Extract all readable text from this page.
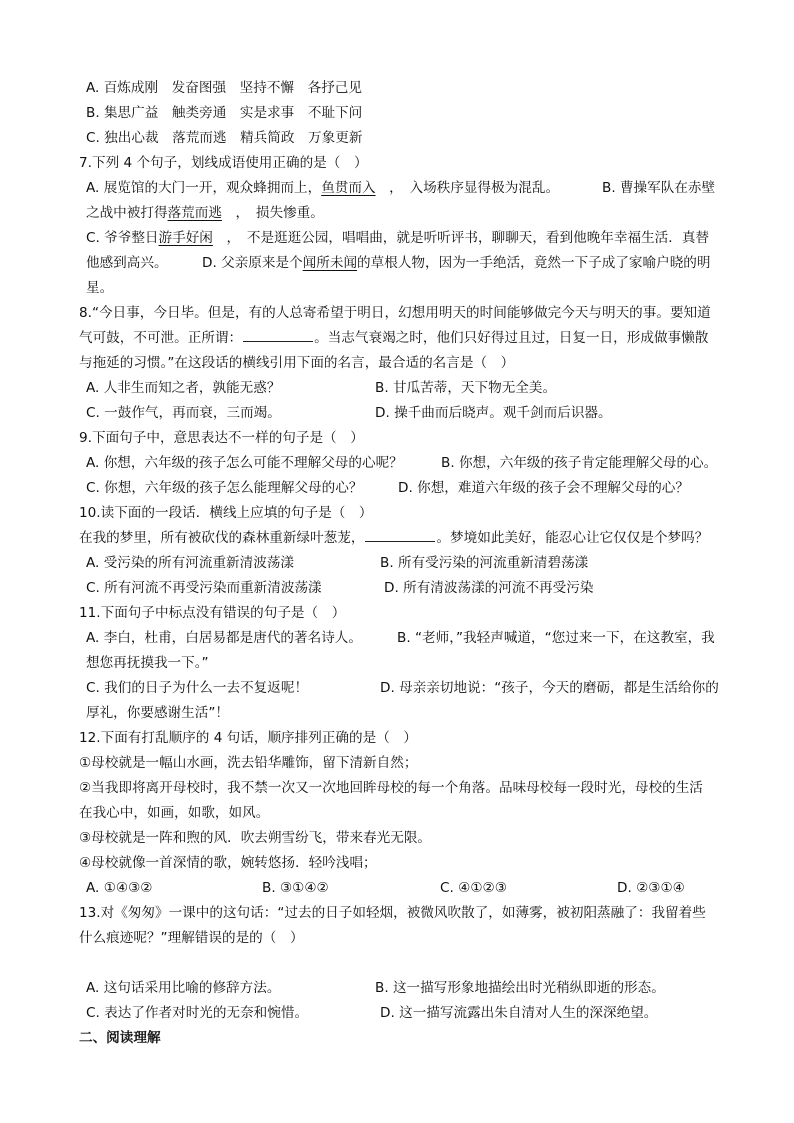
A. 百炼成刚　发奋图强　坚持不懈　各抒己见
B. 集思广益　触类旁通　实是求事　不耻下问
C. 独出心裁　落荒而逃　精兵简政　万象更新
7.下列 4 个句子，划线成语使用正确的是（　）
A. 展览馆的大门一开，观众蜂拥而上，鱼贯而入　，　入场秩序显得极为混乱。	B. 曹操军队在赤壁
之战中被打得落荒而逃　，　损失惨重。
C. 爷爷整日游手好闲　，　不是逛逛公园，唱唱曲，就是听听评书，聊聊天，看到他晚年幸福生活．真替
他感到高兴。	D. 父亲原来是个闻所未闻的草根人物，因为一手绝活，竟然一下子成了家喻户晓的明
星。
8.“今日事，今日毕。但是，有的人总寄希望于明日，幻想用明天的时间能够做完今天与明天的事。要知道
气可鼓，不可泄。正所谓：	。当志气衰竭之时，他们只好得过且过，日复一日，形成做事懒散
与拖延的习惯。”在这段话的横线引用下面的名言，最合适的名言是（　）
A. 人非生而知之者，孰能无惑？	B. 甘瓜苦蒂，天下物无全美。
C. 一鼓作气，再而衰，三而竭。	D. 操千曲而后晓声。观千剑而后识器。
9.下面句子中，意思表达不一样的句子是（　）
A. 你想，六年级的孩子怎么可能不理解父母的心呢？	B. 你想，六年级的孩子肯定能理解父母的心。
C. 你想，六年级的孩子怎么能理解父母的心？	D. 你想，难道六年级的孩子会不理解父母的心？
10.读下面的一段话．横线上应填的句子是（　）
在我的梦里，所有被砍伐的森林重新绿叶葱茏，	。梦境如此美好，能忍心让它仅仅是个梦吗？
A. 受污染的所有河流重新清波荡漾	B. 所有受污染的河流重新清碧荡漾
C. 所有河流不再受污染而重新清波荡漾	D. 所有清波荡漾的河流不再受污染
11.下面句子中标点没有错误的句子是（　）
A. 李白，杜甫，白居易都是唐代的著名诗人。	B. “老师，”我轻声喊道，“您过来一下，在这教室，我
想您再抚摸我一下。”
C. 我们的日子为什么一去不复返呢！	D. 母亲亲切地说：“孩子，今天的磨砺，都是生活给你的
厚礼，你要感谢生活”！
12.下面有打乱顺序的 4 句话，顺序排列正确的是（　）
①母校就是一幅山水画，洗去铅华雕饰，留下清新自然；
②当我即将离开母校时，我不禁一次又一次地回眸母校的每一个角落。品味母校每一段时光，母校的生活
在我心中，如画，如歌，如风。
③母校就是一阵和煦的风．吹去朔雪纷飞，带来春光无限。
④母校就像一首深情的歌，婉转悠扬．轻吟浅唱；
A. ①④③②	B. ③①④②	C. ④①②③	D. ②③①④
13.对《匆匆》一课中的这句话：“过去的日子如轻烟，被微风吹散了，如薄雾，被初阳蒸融了：我留着些
什么痕迹呢？”理解错误的是的（　）
A. 这句话采用比喻的修辞方法。	B. 这一描写形象地描绘出时光稍纵即逝的形态。
C. 表达了作者对时光的无奈和惋惜。	D. 这一描写流露出朱自清对人生的深深绝望。
二、阅读理解
